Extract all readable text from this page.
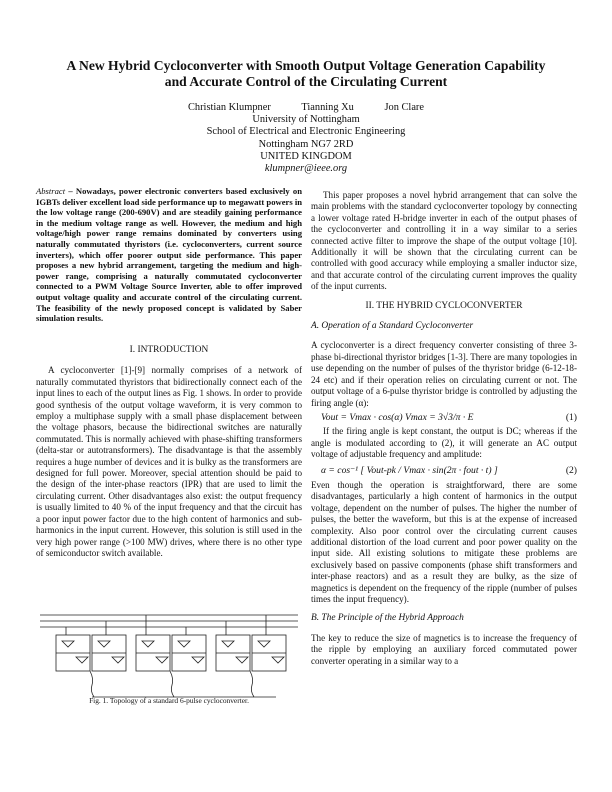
A New Hybrid Cycloconverter with Smooth Output Voltage Generation Capability
and Accurate Control of the Circulating Current
Christian Klumpner	Tianning Xu	Jon Clare
University of Nottingham
School of Electrical and Electronic Engineering
Nottingham NG7 2RD
UNITED KINGDOM
klumpner@ieee.org

Abstract – Nowadays, power electronic converters based exclusively on IGBTs deliver excellent load side performance up to megawatt powers in the low voltage range (200-690V) and are steadily gaining performance in the medium voltage range as well. However, the medium and high voltage/high power range remains dominated by converters using naturally commutated thyristors (i.e. cycloconverters, current source inverters), which offer poorer output side performance. This paper proposes a new hybrid arrangement, targeting the medium and high-power range, comprising a naturally commutated cycloconverter connected to a PWM Voltage Source Inverter, able to offer improved output voltage quality and accurate control of the circulating current. The feasibility of the newly proposed concept is validated by Saber simulation results.

I. INTRODUCTION

A cycloconverter [1]-[9] normally comprises of a network of naturally commutated thyristors that bidirectionally connect each of the input lines to each of the output lines as Fig. 1 shows. In order to provide good synthesis of the output voltage waveform, it is very common to employ a multiphase supply with a small phase displacement between the voltage phasors, because the bidirectional switches are naturally commutated. This is normally achieved with phase-shifting transformers (delta-star or autotransformers). The disadvantage is that the assembly requires a huge number of devices and it is bulky as the transformers are designed for full power. Moreover, special attention should be paid to the design of the inter-phase reactors (IPR) that are used to limit the circulating current. Other disadvantages also exist: the output frequency is usually limited to 40 % of the input frequency and that the circuit has a poor input power factor due to the high content of harmonics and sub-harmonics in the input current. However, this solution is still used in the very high power range (>100 MW) drives, where there is no other type of semiconductor switch available.

Fig. 1. Topology of a standard 6-pulse cycloconverter.

This paper proposes a novel hybrid arrangement that can solve the main problems with the standard cycloconverter topology by connecting a lower voltage rated H-bridge inverter in each of the output phases of the cycloconverter and controlling it in a way similar to a series connected active filter to improve the shape of the output voltage [10]. Additionally it will be shown that the circulating current can be controlled with good accuracy while employing a smaller inductor size, and that accurate control of the circulating current improves the quality of the input currents.

II. THE HYBRID CYCLOCONVERTER

A. Operation of a Standard Cycloconverter

A cycloconverter is a direct frequency converter consisting of three 3-phase bi-directional thyristor bridges [1-3]. There are many topologies in use depending on the number of pulses of the thyristor bridge (6-12-18-24 etc) and if their operation relies on circulating current or not. The output voltage of a 6-pulse thyristor bridge is controlled by adjusting the firing angle (α):

Vout = Vmax · cos(α) Vmax = 3√3/π · E	(1)

If the firing angle is kept constant, the output is DC; whereas if the angle is modulated according to (2), it will generate an AC output voltage of adjustable frequency and amplitude:

α = cos⁻¹ [ Vout-pk / Vmax · sin(2π · fout · t) ]	(2)

Even though the operation is straightforward, there are some disadvantages, particularly a high content of harmonics in the output voltage, dependent on the number of pulses. The higher the number of pulses, the better the waveform, but this is at the expense of increased complexity. Also poor control over the circulating current causes additional distortion of the load current and poor power quality on the input side. All existing solutions to mitigate these problems are exclusively based on passive components (phase shift transformers and inter-phase reactors) and as a result they are bulky, as the size of magnetics is dependent on the frequency of the ripple (number of pulses times the input frequency).

B. The Principle of the Hybrid Approach

The key to reduce the size of magnetics is to increase the frequency of the ripple by employing an auxiliary forced commutated power converter operating in a similar way to a
